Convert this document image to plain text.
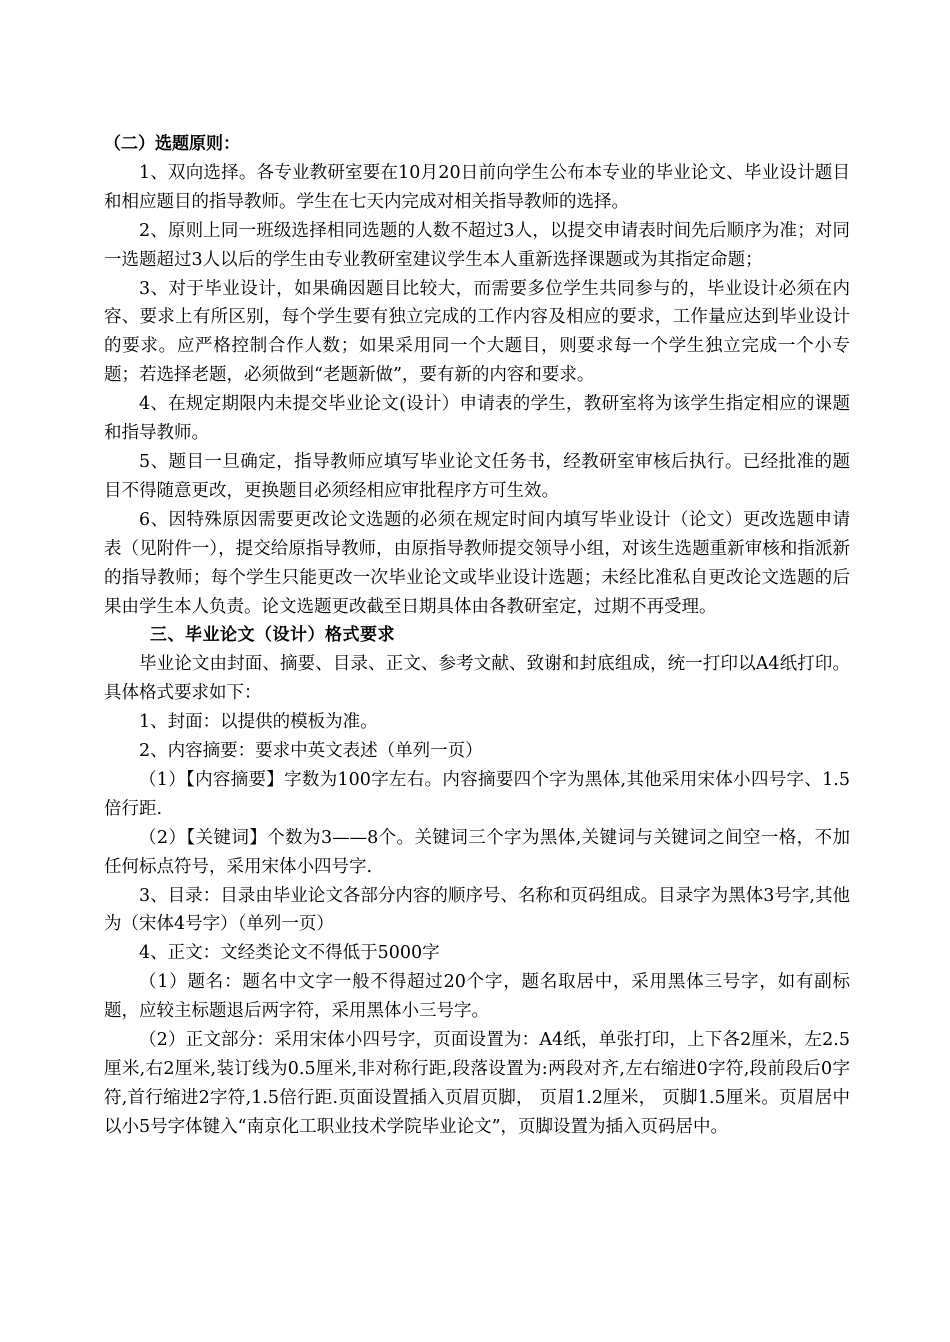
（二）选题原则：

1、双向选择。各专业教研室要在10月20日前向学生公布本专业的毕业论文、毕业设计题目和相应题目的指导教师。学生在七天内完成对相关指导教师的选择。

2、原则上同一班级选择相同选题的人数不超过3人，以提交申请表时间先后顺序为准；对同一选题超过3人以后的学生由专业教研室建议学生本人重新选择课题或为其指定命题；

3、对于毕业设计，如果确因题目比较大，而需要多位学生共同参与的，毕业设计必须在内容、要求上有所区别，每个学生要有独立完成的工作内容及相应的要求，工作量应达到毕业设计的要求。应严格控制合作人数；如果采用同一个大题目，则要求每一个学生独立完成一个小专题；若选择老题，必须做到“老题新做”，要有新的内容和要求。

4、在规定期限内未提交毕业论文(设计）申请表的学生，教研室将为该学生指定相应的课题和指导教师。

5、题目一旦确定，指导教师应填写毕业论文任务书，经教研室审核后执行。已经批准的题目不得随意更改，更换题目必须经相应审批程序方可生效。

6、因特殊原因需要更改论文选题的必须在规定时间内填写毕业设计（论文）更改选题申请表（见附件一），提交给原指导教师，由原指导教师提交领导小组，对该生选题重新审核和指派新的指导教师；每个学生只能更改一次毕业论文或毕业设计选题；未经比准私自更改论文选题的后果由学生本人负责。论文选题更改截至日期具体由各教研室定，过期不再受理。

三、毕业论文（设计）格式要求

毕业论文由封面、摘要、目录、正文、参考文献、致谢和封底组成，统一打印以A4纸打印。具体格式要求如下：

1、封面：以提供的模板为准。

2、内容摘要：要求中英文表述（单列一页）

（1）【内容摘要】字数为100字左右。内容摘要四个字为黑体,其他采用宋体小四号字、1.5倍行距.

（2）【关键词】个数为3——8个。关键词三个字为黑体,关键词与关键词之间空一格，不加任何标点符号，采用宋体小四号字.

3、目录：目录由毕业论文各部分内容的顺序号、名称和页码组成。目录字为黑体3号字,其他为（宋体4号字）（单列一页）

4、正文：文经类论文不得低于5000字

（1）题名：题名中文字一般不得超过20个字，题名取居中，采用黑体三号字，如有副标题，应较主标题退后两字符，采用黑体小三号字。

（2）正文部分：采用宋体小四号字，页面设置为：A4纸，单张打印，上下各2厘米，左2.5厘米,右2厘米,装订线为0.5厘米,非对称行距,段落设置为:两段对齐,左右缩进0字符,段前段后0字符,首行缩进2字符,1.5倍行距.页面设置插入页眉页脚， 页眉1.2厘米， 页脚1.5厘米。页眉居中以小5号字体键入“南京化工职业技术学院毕业论文”，页脚设置为插入页码居中。
